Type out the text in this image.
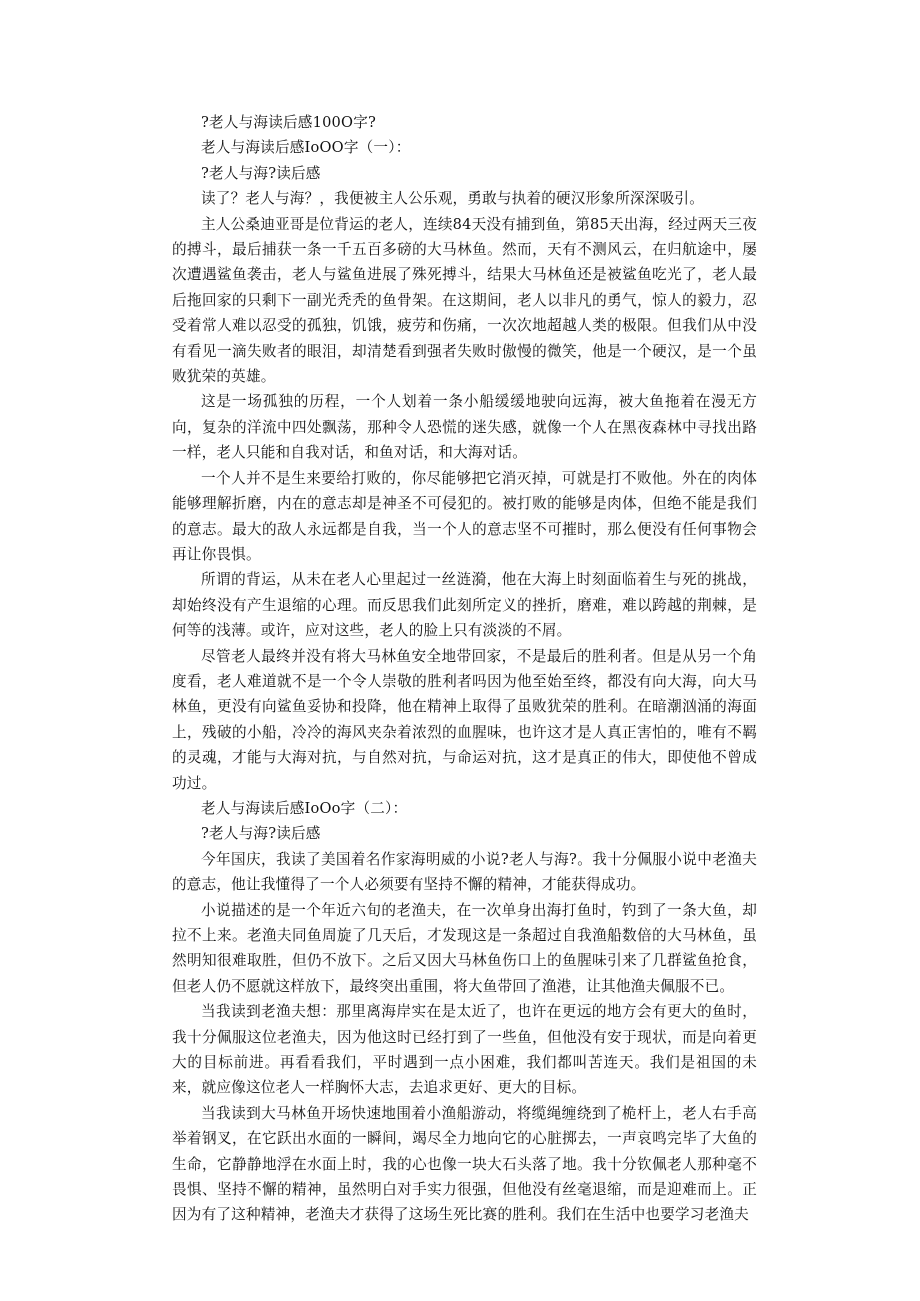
?老人与海读后感100O字?

老人与海读后感IoOO字（一）：

?老人与海?读后感

读了？老人与海？，我便被主人公乐观，勇敢与执着的硬汉形象所深深吸引。

主人公桑迪亚哥是位背运的老人，连续84天没有捕到鱼，第85天出海，经过两天三夜的搏斗，最后捕获一条一千五百多磅的大马林鱼。然而，天有不测风云，在归航途中，屡次遭遇鲨鱼袭击，老人与鲨鱼进展了殊死搏斗，结果大马林鱼还是被鲨鱼吃光了，老人最后拖回家的只剩下一副光秃秃的鱼骨架。在这期间，老人以非凡的勇气，惊人的毅力，忍受着常人难以忍受的孤独，饥饿，疲劳和伤痛，一次次地超越人类的极限。但我们从中没有看见一滴失败者的眼泪，却清楚看到强者失败时傲慢的微笑，他是一个硬汉，是一个虽败犹荣的英雄。

这是一场孤独的历程，一个人划着一条小船缓缓地驶向远海，被大鱼拖着在漫无方向，复杂的洋流中四处飘荡，那种令人恐慌的迷失感，就像一个人在黑夜森林中寻找出路一样，老人只能和自我对话，和鱼对话，和大海对话。

一个人并不是生来要给打败的，你尽能够把它消灭掉，可就是打不败他。外在的肉体能够理解折磨，内在的意志却是神圣不可侵犯的。被打败的能够是肉体，但绝不能是我们的意志。最大的敌人永远都是自我，当一个人的意志坚不可摧时，那么便没有任何事物会再让你畏惧。

所谓的背运，从未在老人心里起过一丝涟漪，他在大海上时刻面临着生与死的挑战，却始终没有产生退缩的心理。而反思我们此刻所定义的挫折，磨难，难以跨越的荆棘，是何等的浅薄。或许，应对这些，老人的脸上只有淡淡的不屑。

尽管老人最终并没有将大马林鱼安全地带回家，不是最后的胜利者。但是从另一个角度看，老人难道就不是一个令人崇敬的胜利者吗因为他至始至终，都没有向大海，向大马林鱼，更没有向鲨鱼妥协和投降，他在精神上取得了虽败犹荣的胜利。在暗潮汹涌的海面上，残破的小船，冷冷的海风夹杂着浓烈的血腥味，也许这才是人真正害怕的，唯有不羁的灵魂，才能与大海对抗，与自然对抗，与命运对抗，这才是真正的伟大，即使他不曾成功过。

老人与海读后感IoOo字（二）：

?老人与海?读后感

今年国庆，我读了美国着名作家海明威的小说?老人与海?。我十分佩服小说中老渔夫的意志，他让我懂得了一个人必须要有坚持不懈的精神，才能获得成功。

小说描述的是一个年近六旬的老渔夫，在一次单身出海打鱼时，钓到了一条大鱼，却拉不上来。老渔夫同鱼周旋了几天后，才发现这是一条超过自我渔船数倍的大马林鱼，虽然明知很难取胜，但仍不放下。之后又因大马林鱼伤口上的鱼腥味引来了几群鲨鱼抢食，但老人仍不愿就这样放下，最终突出重围，将大鱼带回了渔港，让其他渔夫佩服不已。

当我读到老渔夫想：那里离海岸实在是太近了，也许在更远的地方会有更大的鱼时，我十分佩服这位老渔夫，因为他这时已经打到了一些鱼，但他没有安于现状，而是向着更大的目标前进。再看看我们，平时遇到一点小困难，我们都叫苦连天。我们是祖国的未来，就应像这位老人一样胸怀大志，去追求更好、更大的目标。

当我读到大马林鱼开场快速地围着小渔船游动，将缆绳缠绕到了桅杆上，老人右手高举着钢叉，在它跃出水面的一瞬间，竭尽全力地向它的心脏掷去，一声哀鸣完毕了大鱼的生命，它静静地浮在水面上时，我的心也像一块大石头落了地。我十分钦佩老人那种毫不畏惧、坚持不懈的精神，虽然明白对手实力很强，但他没有丝毫退缩，而是迎难而上。正因为有了这种精神，老渔夫才获得了这场生死比赛的胜利。我们在生活中也要学习老渔夫
